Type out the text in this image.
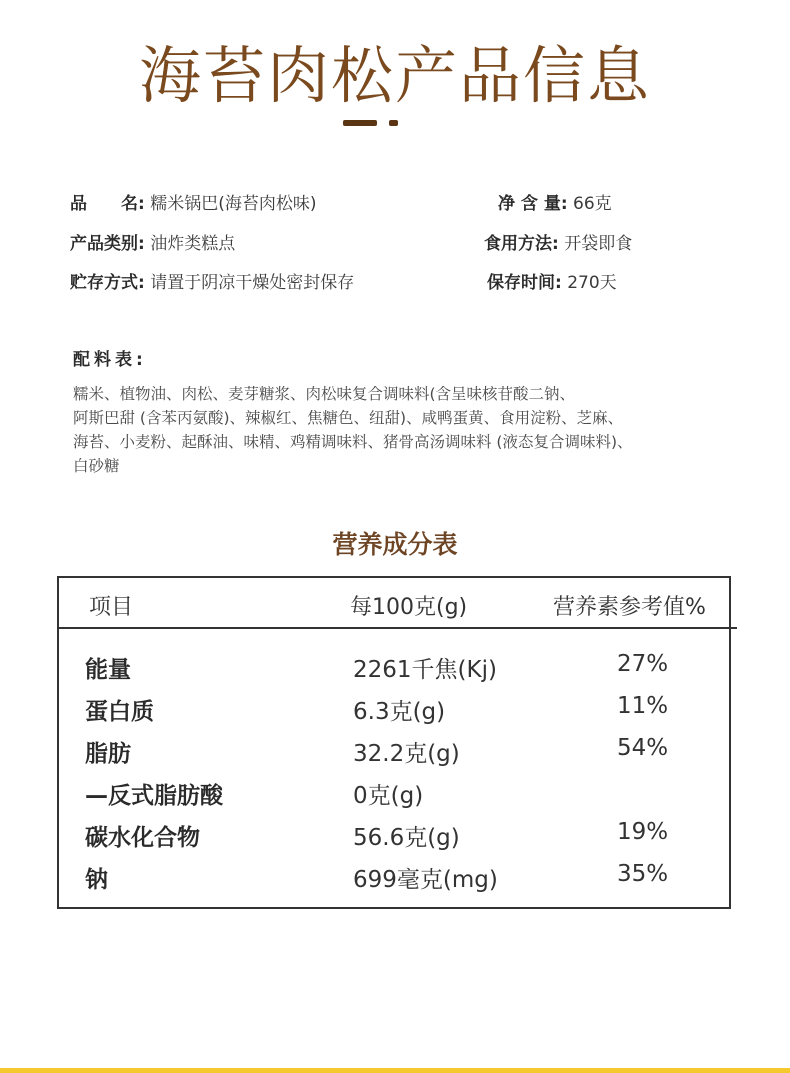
海苔肉松产品信息
品　　名: 糯米锅巴(海苔肉松味)	净 含 量: 66克
产品类别: 油炸类糕点	食用方法: 开袋即食
贮存方式: 请置于阴凉干燥处密封保存	保存时间: 270天
配料表:
糯米、植物油、肉松、麦芽糖浆、肉松味复合调味料(含呈味核苷酸二钠、
阿斯巴甜 (含苯丙氨酸)、辣椒红、焦糖色、纽甜)、咸鸭蛋黄、食用淀粉、芝麻、
海苔、小麦粉、起酥油、味精、鸡精调味料、猪骨高汤调味料 (液态复合调味料)、
白砂糖
营养成分表
项目	每100克(g)	营养素参考值%
能量	2261千焦(Kj)	27%
蛋白质	6.3克(g)	11%
脂肪	32.2克(g)	54%
—反式脂肪酸	0克(g)
碳水化合物	56.6克(g)	19%
钠	699毫克(mg)	35%
